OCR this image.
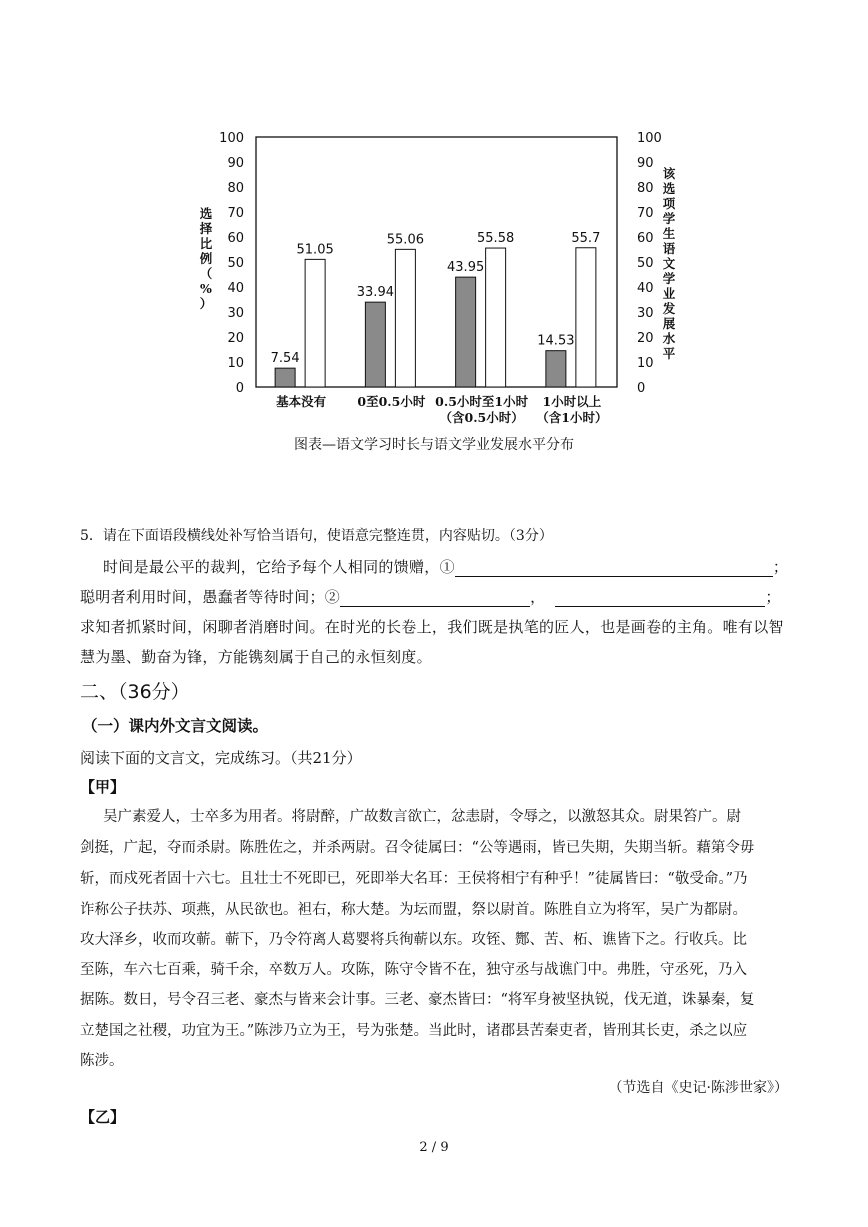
0	0
10	10
20	20
30	30
40	40
50	50
60	60
70	70
80	80
90	90
100	100
7.54
33.94
43.95
14.53
51.05
55.06	55.58	55.7
基本没有	0至0.5小时 0.5小时至1小时
（含0.5小时）
1小时以上
（含1小时）
选择比例（%）
该选项学生语文学业发展水平
图表—语文学习时长与语文学业发展水平分布
5．请在下面语段横线处补写恰当语句，使语意完整连贯，内容贴切。（3分）
时间是最公平的裁判，它给予每个人相同的馈赠，①	；
聪明者利用时间，愚蠢者等待时间；②	，	；
求知者抓紧时间，闲聊者消磨时间。在时光的长卷上，我们既是执笔的匠人，也是画卷的主角。唯有以智
慧为墨、勤奋为锋，方能镌刻属于自己的永恒刻度。
二、（36分）
（一）课内外文言文阅读。
阅读下面的文言文，完成练习。（共21分）
【甲】
吴广素爱人，士卒多为用者。将尉醉，广故数言欲亡，忿恚尉，令辱之，以激怒其众。尉果笞广。尉
剑挺，广起，夺而杀尉。陈胜佐之，并杀两尉。召令徒属曰：“公等遇雨，皆已失期，失期当斩。藉第令毋
斩，而戍死者固十六七。且壮士不死即已，死即举大名耳：王侯将相宁有种乎！”徒属皆曰：“敬受命。”乃
诈称公子扶苏、项燕，从民欲也。袒右，称大楚。为坛而盟，祭以尉首。陈胜自立为将军，吴广为都尉。
攻大泽乡，收而攻蕲。蕲下，乃令符离人葛婴将兵徇蕲以东。攻铚、酂、苦、柘、谯皆下之。行收兵。比
至陈，车六七百乘，骑千余，卒数万人。攻陈，陈守令皆不在，独守丞与战谯门中。弗胜，守丞死，乃入
据陈。数日，号令召三老、豪杰与皆来会计事。三老、豪杰皆曰：“将军身被坚执锐，伐无道，诛暴秦，复
立楚国之社稷，功宜为王。”陈涉乃立为王，号为张楚。当此时，诸郡县苦秦吏者，皆刑其长吏，杀之以应
陈涉。
（节选自《史记·陈涉世家》）
【乙】
2 / 9
